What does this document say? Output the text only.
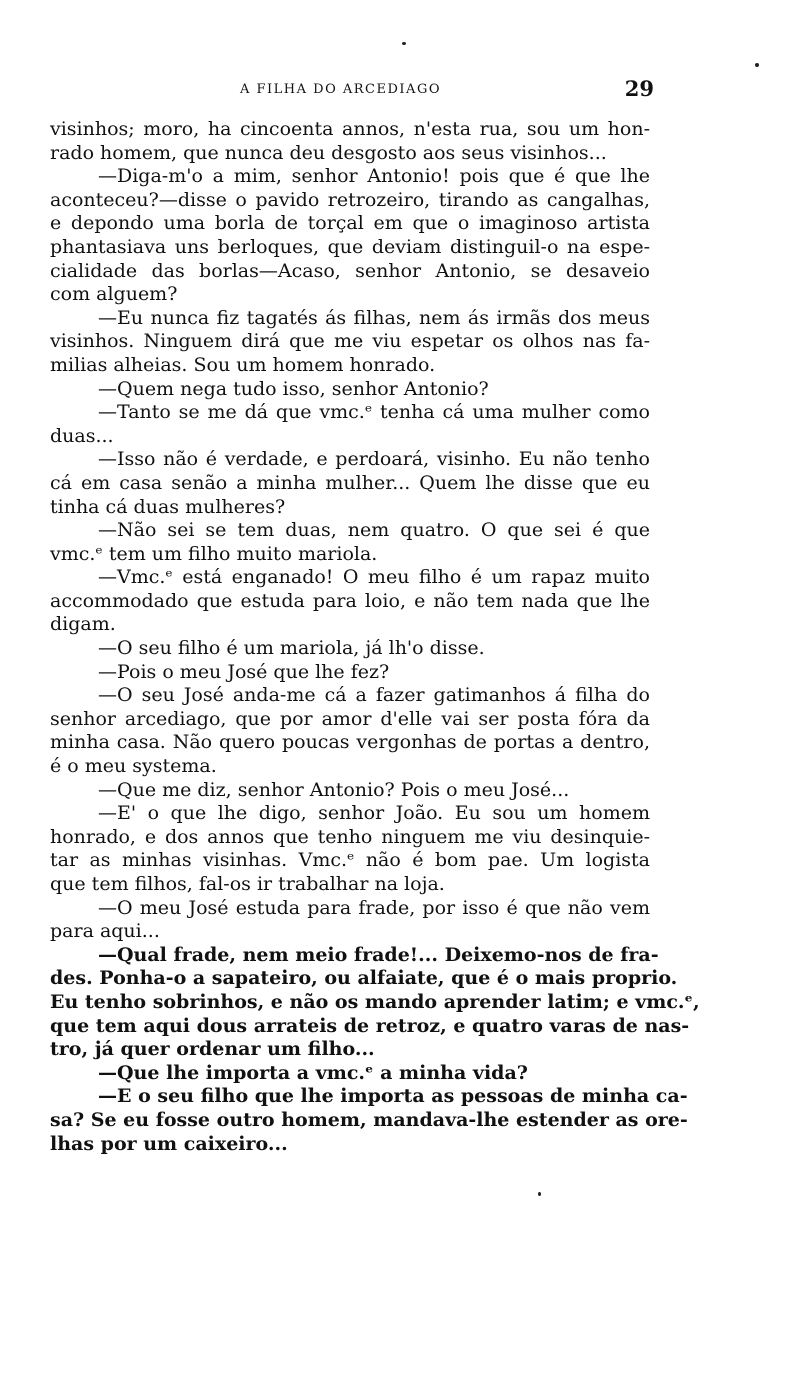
A FILHA DO ARCEDIAGO	29
visinhos; moro, ha cincoenta annos, n'esta rua, sou um hon-
rado homem, que nunca deu desgosto aos seus visinhos...
—Diga-m'o a mim, senhor Antonio! pois que é que lhe
aconteceu?—disse o pavido retrozeiro, tirando as cangalhas,
e depondo uma borla de torçal em que o imaginoso artista
phantasiava uns berloques, que deviam distinguil-o na espe-
cialidade das borlas—Acaso, senhor Antonio, se desaveio
com alguem?
—Eu nunca fiz tagatés ás filhas, nem ás irmãs dos meus
visinhos. Ninguem dirá que me viu espetar os olhos nas fa-
milias alheias. Sou um homem honrado.
—Quem nega tudo isso, senhor Antonio?
—Tanto se me dá que vmc.ᵉ tenha cá uma mulher como
duas...
—Isso não é verdade, e perdoará, visinho. Eu não tenho
cá em casa senão a minha mulher... Quem lhe disse que eu
tinha cá duas mulheres?
—Não sei se tem duas, nem quatro. O que sei é que
vmc.ᵉ tem um filho muito mariola.
—Vmc.ᵉ está enganado! O meu filho é um rapaz muito
accommodado que estuda para loio, e não tem nada que lhe
digam.
—O seu filho é um mariola, já lh'o disse.
—Pois o meu José que lhe fez?
—O seu José anda-me cá a fazer gatimanhos á filha do
senhor arcediago, que por amor d'elle vai ser posta fóra da
minha casa. Não quero poucas vergonhas de portas a dentro,
é o meu systema.
—Que me diz, senhor Antonio? Pois o meu José...
—E' o que lhe digo, senhor João. Eu sou um homem
honrado, e dos annos que tenho ninguem me viu desinquie-
tar as minhas visinhas. Vmc.ᵉ não é bom pae. Um logista
que tem filhos, fal-os ir trabalhar na loja.
—O meu José estuda para frade, por isso é que não vem
para aqui...
—Qual frade, nem meio frade!... Deixemo-nos de fra-
des. Ponha-o a sapateiro, ou alfaiate, que é o mais proprio.
Eu tenho sobrinhos, e não os mando aprender latim; e vmc.ᵉ,
que tem aqui dous arrateis de retroz, e quatro varas de nas-
tro, já quer ordenar um filho...
—Que lhe importa a vmc.ᵉ a minha vida?
—E o seu filho que lhe importa as pessoas de minha ca-
sa? Se eu fosse outro homem, mandava-lhe estender as ore-
lhas por um caixeiro...
